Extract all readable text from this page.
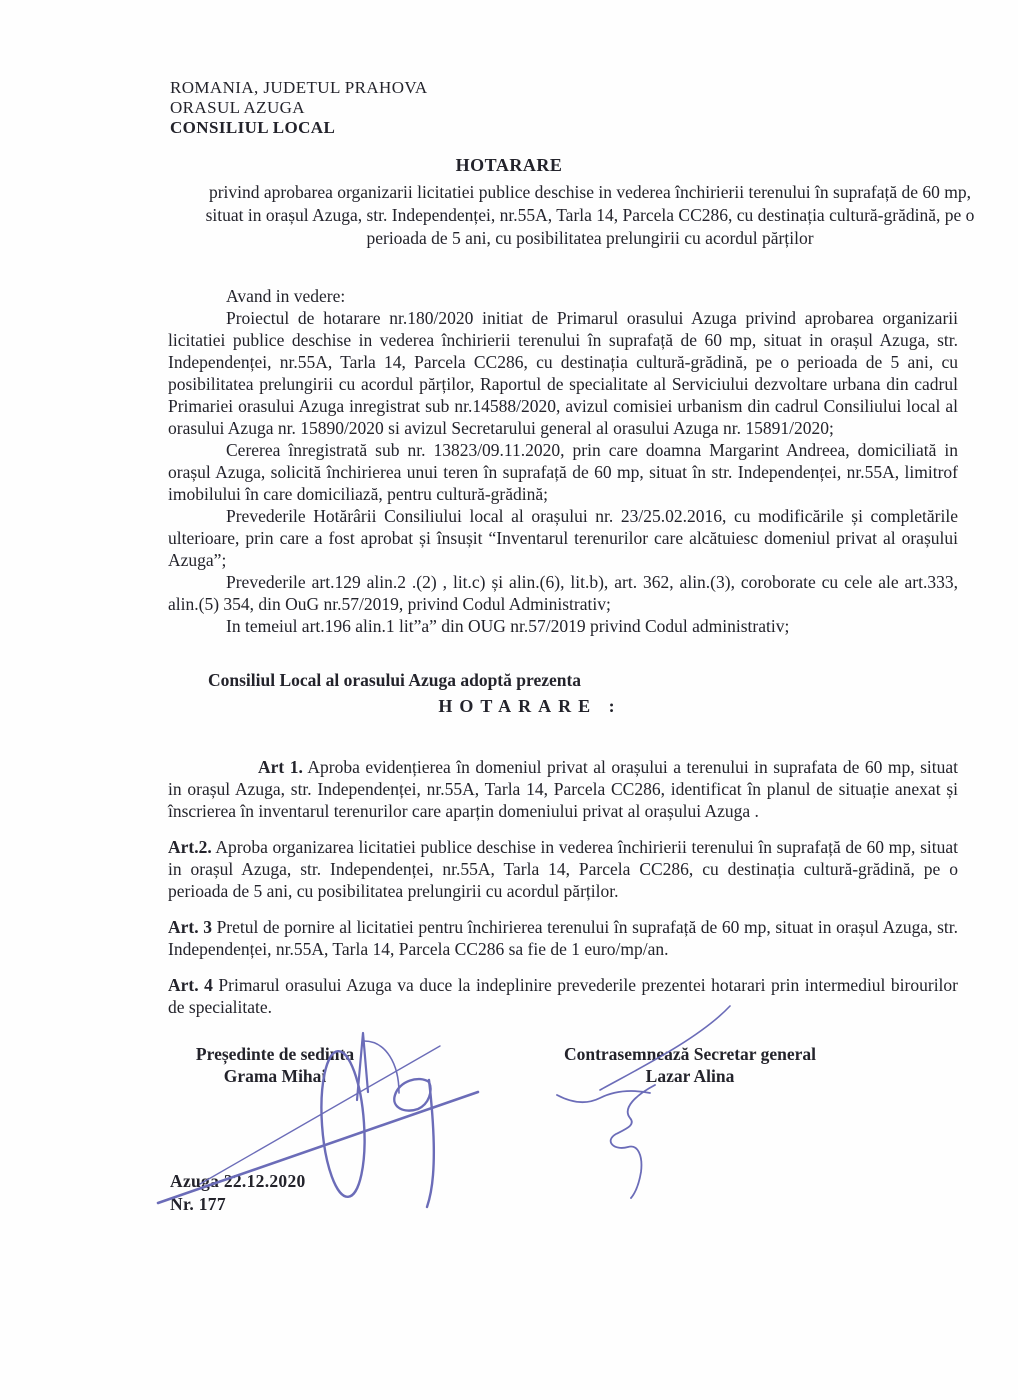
ROMANIA, JUDETUL PRAHOVA
ORASUL AZUGA
CONSILIUL LOCAL
HOTARARE
privind aprobarea organizarii licitatiei publice deschise in vederea închirierii terenului în suprafață de 60 mp, situat in orașul Azuga, str. Independenței, nr.55A, Tarla 14, Parcela CC286, cu destinația cultură-grădină, pe o perioada de 5 ani, cu posibilitatea prelungirii cu acordul părților

Avand in vedere:

Proiectul de hotarare nr.180/2020 initiat de Primarul orasului Azuga privind aprobarea organizarii licitatiei publice deschise in vederea închirierii terenului în suprafață de 60 mp, situat in orașul Azuga, str. Independenței, nr.55A, Tarla 14, Parcela CC286, cu destinația cultură-grădină, pe o perioada de 5 ani, cu posibilitatea prelungirii cu acordul părților, Raportul de specialitate al Serviciului dezvoltare urbana din cadrul Primariei orasului Azuga inregistrat sub nr.14588/2020, avizul comisiei urbanism din cadrul Consiliului local al orasului Azuga nr. 15890/2020 si avizul Secretarului general al orasului Azuga nr. 15891/2020;

Cererea înregistrată sub nr. 13823/09.11.2020, prin care doamna Margarint Andreea, domiciliată in orașul Azuga, solicită închirierea unui teren în suprafață de 60 mp, situat în str. Independenței, nr.55A, limitrof imobilului în care domiciliază, pentru cultură-grădină;

Prevederile Hotărârii Consiliului local al orașului nr. 23/25.02.2016, cu modificările și completările ulterioare, prin care a fost aprobat și însușit “Inventarul terenurilor care alcătuiesc domeniul privat al orașului Azuga”;

Prevederile art.129 alin.2 .(2) , lit.c) și alin.(6), lit.b), art. 362, alin.(3), coroborate cu cele ale art.333, alin.(5) 354, din OuG nr.57/2019, privind Codul Administrativ;

In temeiul art.196 alin.1 lit”a” din OUG nr.57/2019 privind Codul administrativ;

Consiliul Local al orasului Azuga adoptă prezenta
HOTARARE :

Art 1. Aproba evidențierea în domeniul privat al orașului a terenului in suprafata de 60 mp, situat in orașul Azuga, str. Independenței, nr.55A, Tarla 14, Parcela CC286, identificat în planul de situație anexat și înscrierea în inventarul terenurilor care aparțin domeniului privat al orașului Azuga .

Art.2. Aproba organizarea licitatiei publice deschise in vederea închirierii terenului în suprafață de 60 mp, situat in orașul Azuga, str. Independenței, nr.55A, Tarla 14, Parcela CC286, cu destinația cultură-grădină, pe o perioada de 5 ani, cu posibilitatea prelungirii cu acordul părților.

Art. 3 Pretul de pornire al licitatiei pentru închirierea terenului în suprafață de 60 mp, situat in orașul Azuga, str. Independenței, nr.55A, Tarla 14, Parcela CC286 sa fie de 1 euro/mp/an.

Art. 4 Primarul orasului Azuga va duce la indeplinire prevederile prezentei hotarari prin intermediul birourilor de specialitate.

Președinte de sedinta
Grama Mihai
Contrasemnează Secretar general
Lazar Alina
Azuga 22.12.2020
Nr. 177
